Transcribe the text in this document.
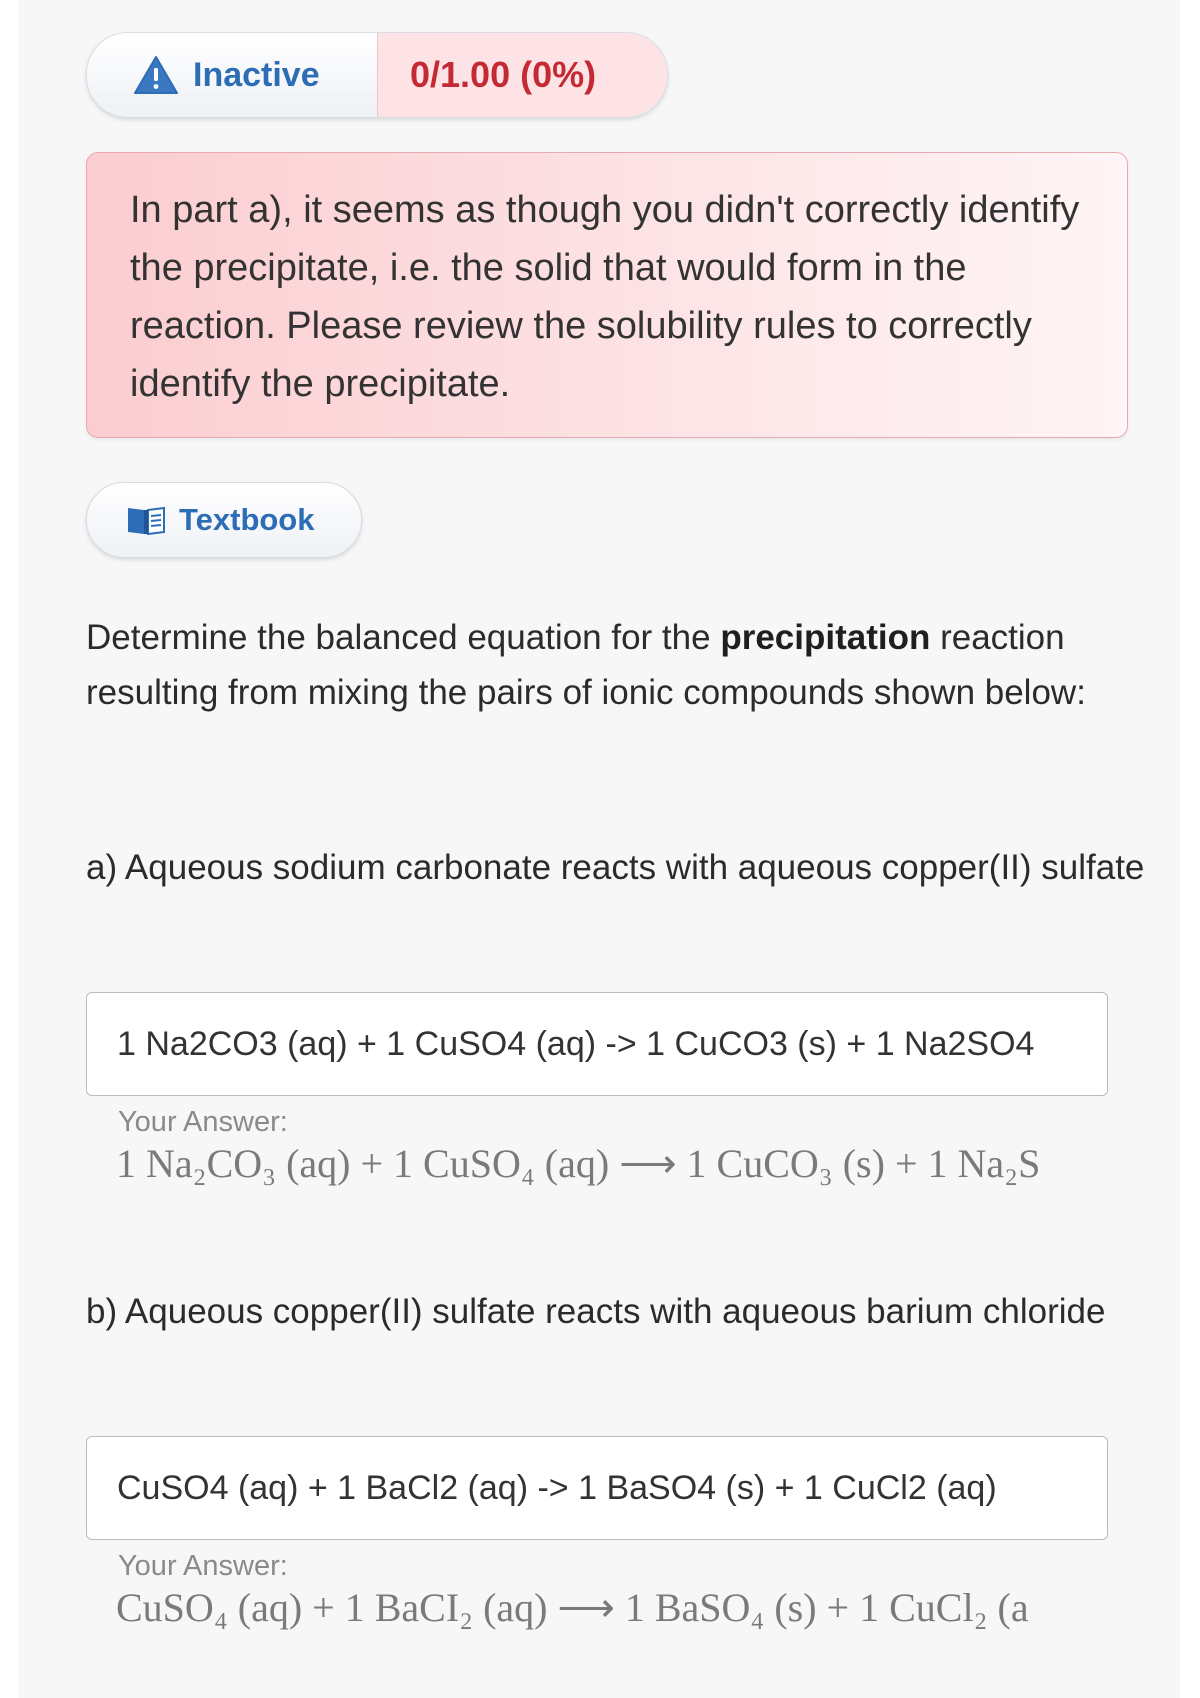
Inactive	0/1.00 (0%)

In part a), it seems as though you didn't correctly identify the precipitate, i.e. the solid that would form in the reaction. Please review the solubility rules to correctly identify the precipitate.

Textbook

Determine the balanced equation for the precipitation reaction resulting from mixing the pairs of ionic compounds shown below:

a) Aqueous sodium carbonate reacts with aqueous copper(II) sulfate

1 Na2CO3 (aq) + 1 CuSO4 (aq) -> 1 CuCO3 (s) + 1 Na2SO4
Your Answer:
1 Na₂CO₃ (aq) + 1 CuSO₄ (aq) ⟶ 1 CuCO₃ (s) + 1 Na₂S

b) Aqueous copper(II) sulfate reacts with aqueous barium chloride

CuSO4 (aq) + 1 BaCl2 (aq) -> 1 BaSO4 (s) + 1 CuCl2 (aq)
Your Answer:
CuSO₄ (aq) + 1 BaCI₂ (aq) ⟶ 1 BaSO₄ (s) + 1 CuCl₂ (a
